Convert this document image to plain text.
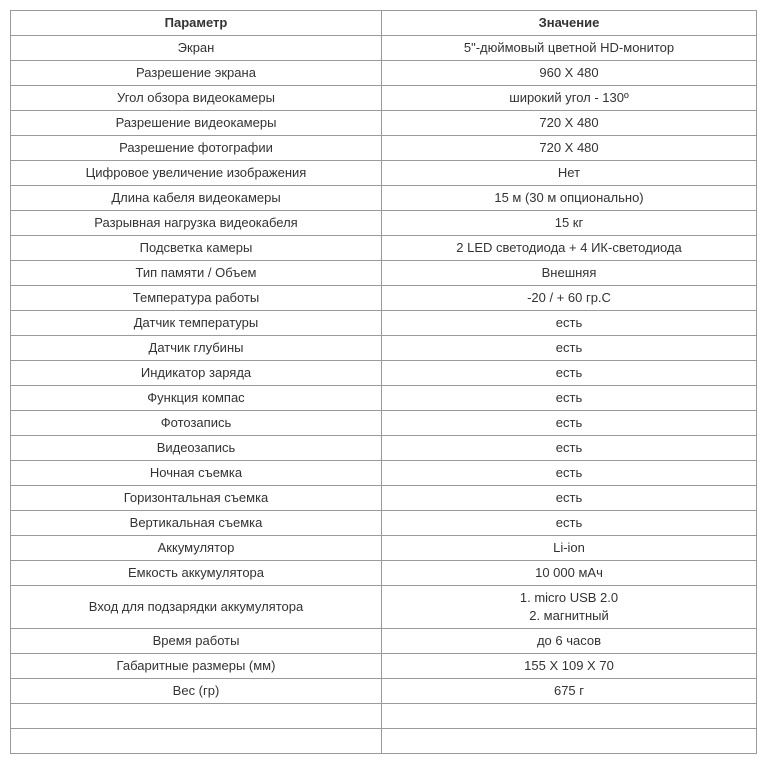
Параметр	Значение
Экран	5"-дюймовый цветной HD-монитор
Разрешение экрана	960 X 480
Угол обзора видеокамеры	широкий угол - 130º
Разрешение видеокамеры	720 X 480
Разрешение фотографии	720 X 480
Цифровое увеличение изображения	Нет
Длина кабеля видеокамеры	15 м (30 м опционально)
Разрывная нагрузка видеокабеля	15 кг
Подсветка камеры	2 LED светодиода + 4 ИК-светодиода
Тип памяти / Объем	Внешняя
Температура работы	-20 / + 60 гр.С
Датчик температуры	есть
Датчик глубины	есть
Индикатор заряда	есть
Функция компас	есть
Фотозапись	есть
Видеозапись	есть
Ночная съемка	есть
Горизонтальная съемка	есть
Вертикальная съемка	есть
Аккумулятор	Li-ion
Емкость аккумулятора	10 000 мАч
Вход для подзарядки аккумулятора	1. micro USB 2.0
2. магнитный

Время работы	до 6 часов
Габаритные размеры (мм)	155 X 109 X 70
Вес (гр)	675 г
